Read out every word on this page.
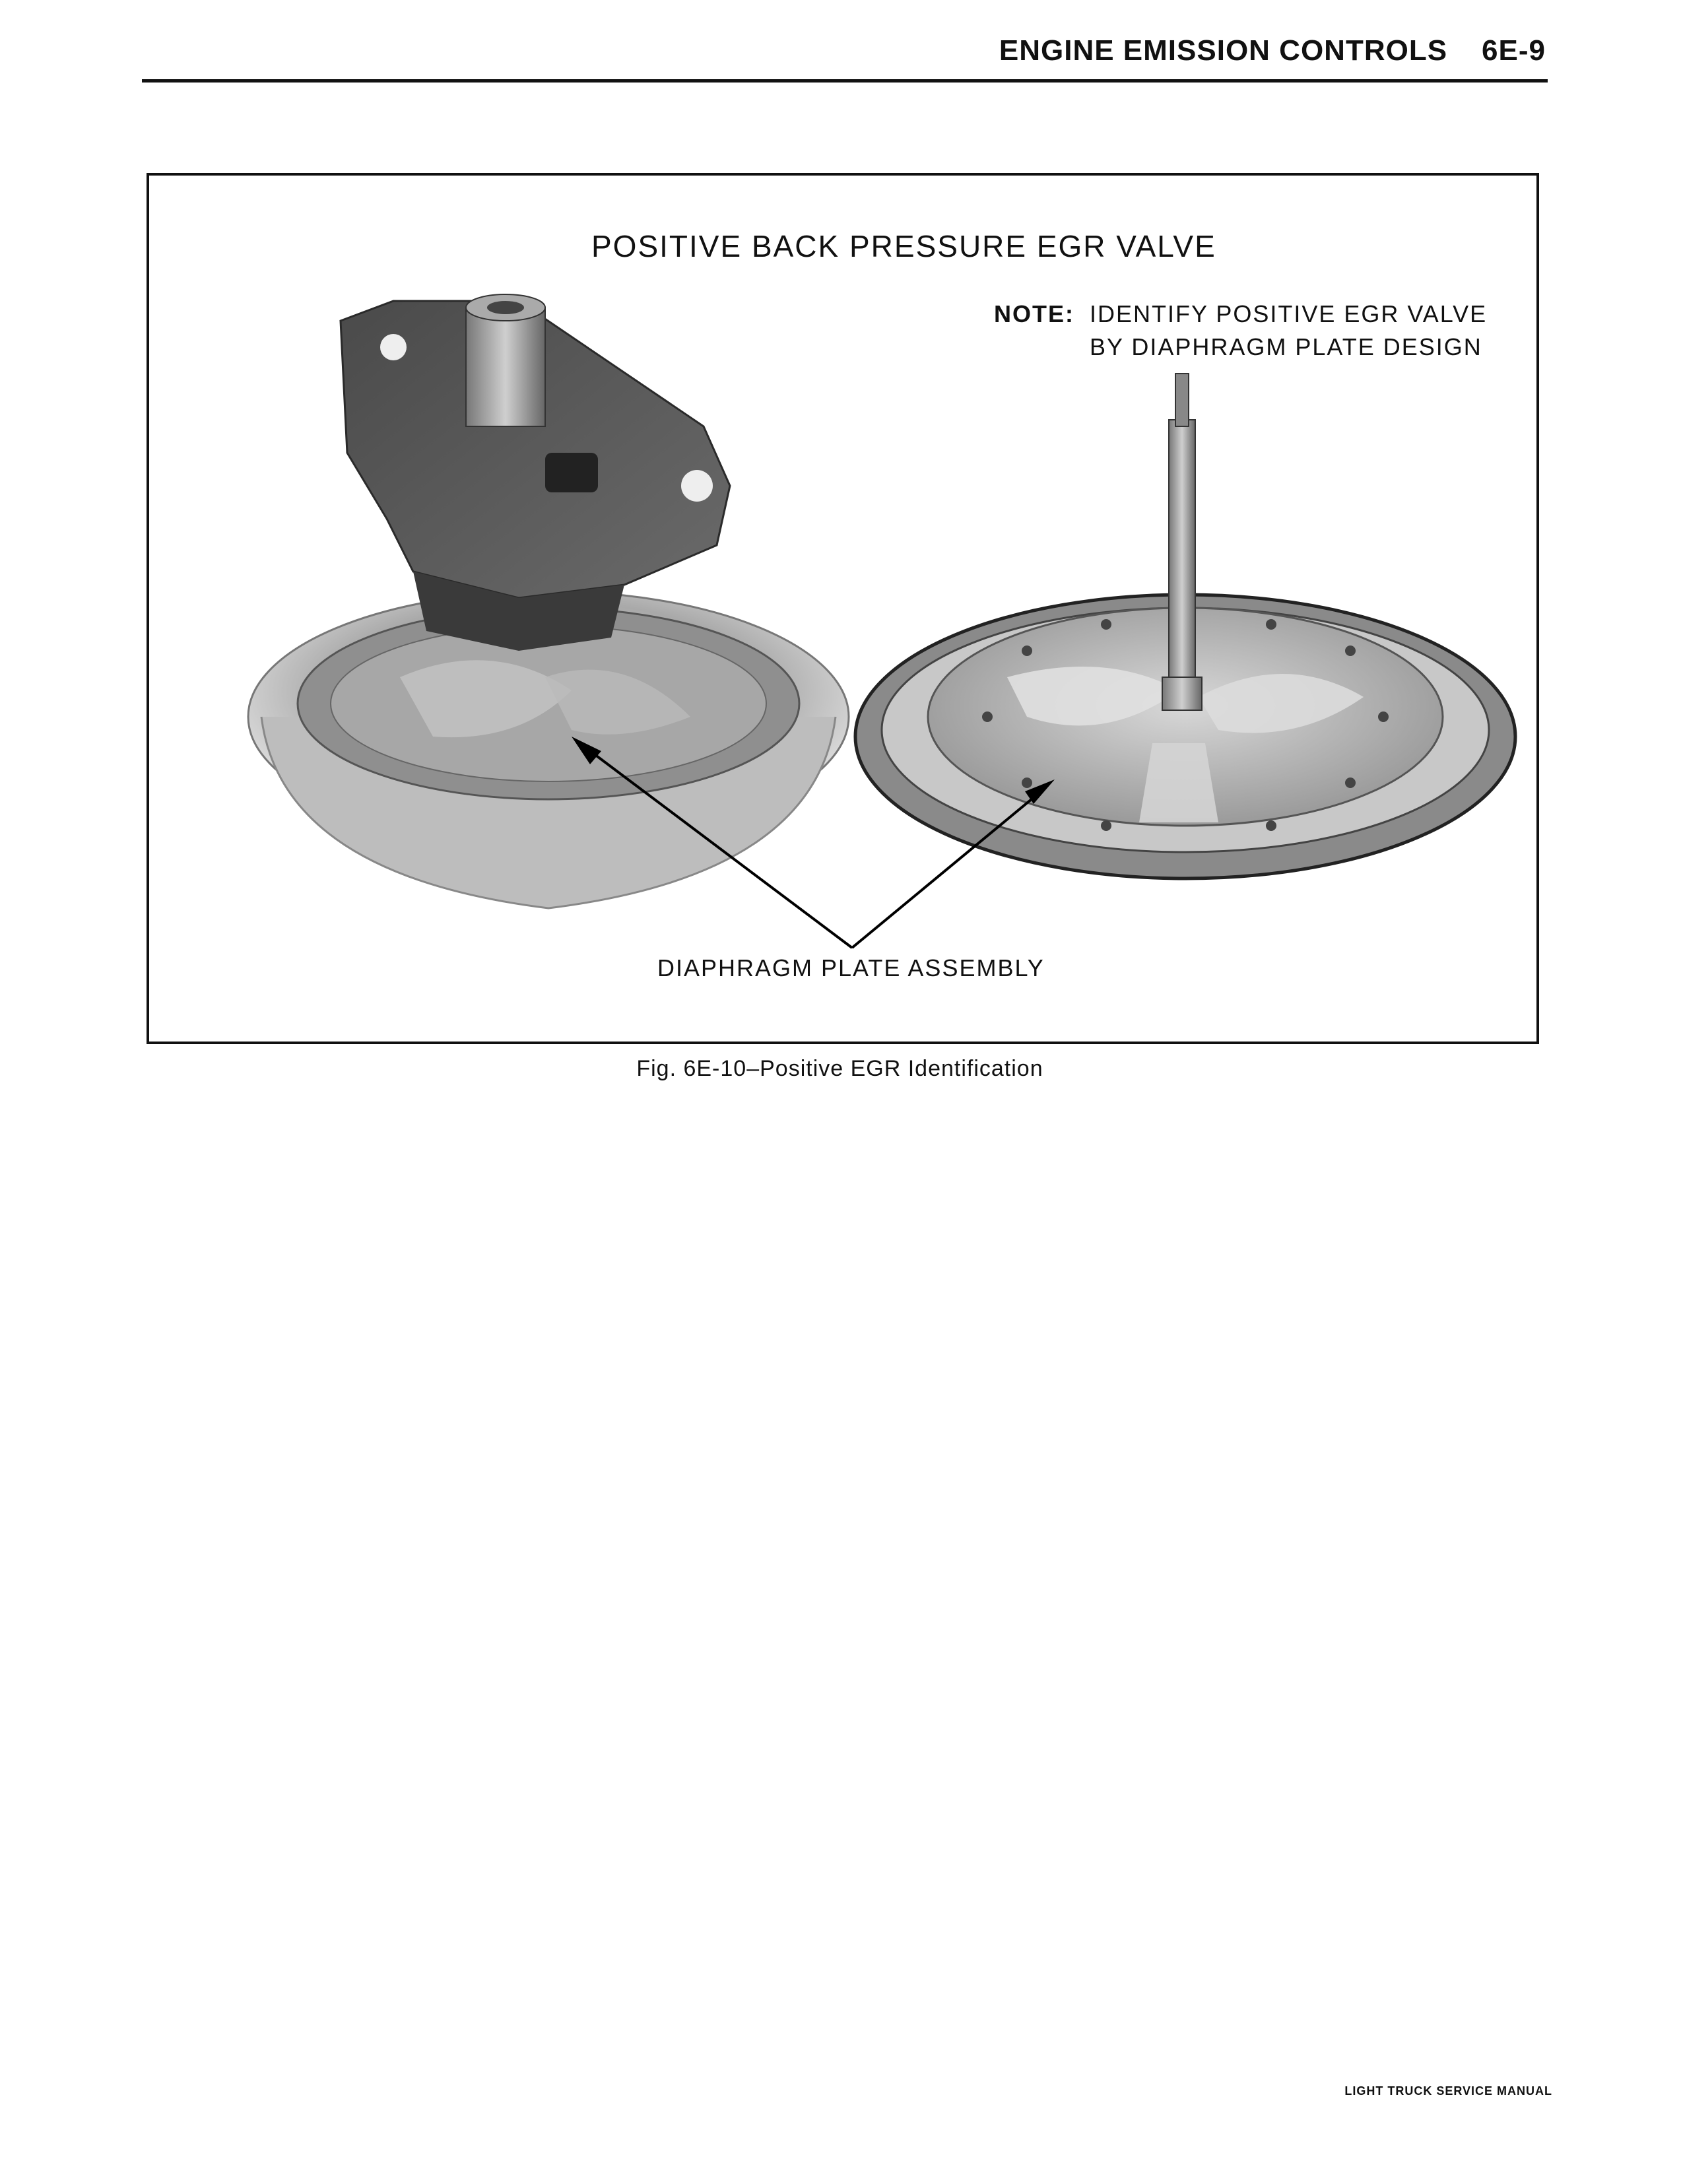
ENGINE EMISSION CONTROLS 6E-9
POSITIVE BACK PRESSURE EGR VALVE
NOTE: IDENTIFY POSITIVE EGR VALVE
BY DIAPHRAGM PLATE DESIGN
DIAPHRAGM PLATE ASSEMBLY
Fig. 6E-10–Positive EGR Identification
LIGHT TRUCK SERVICE MANUAL
